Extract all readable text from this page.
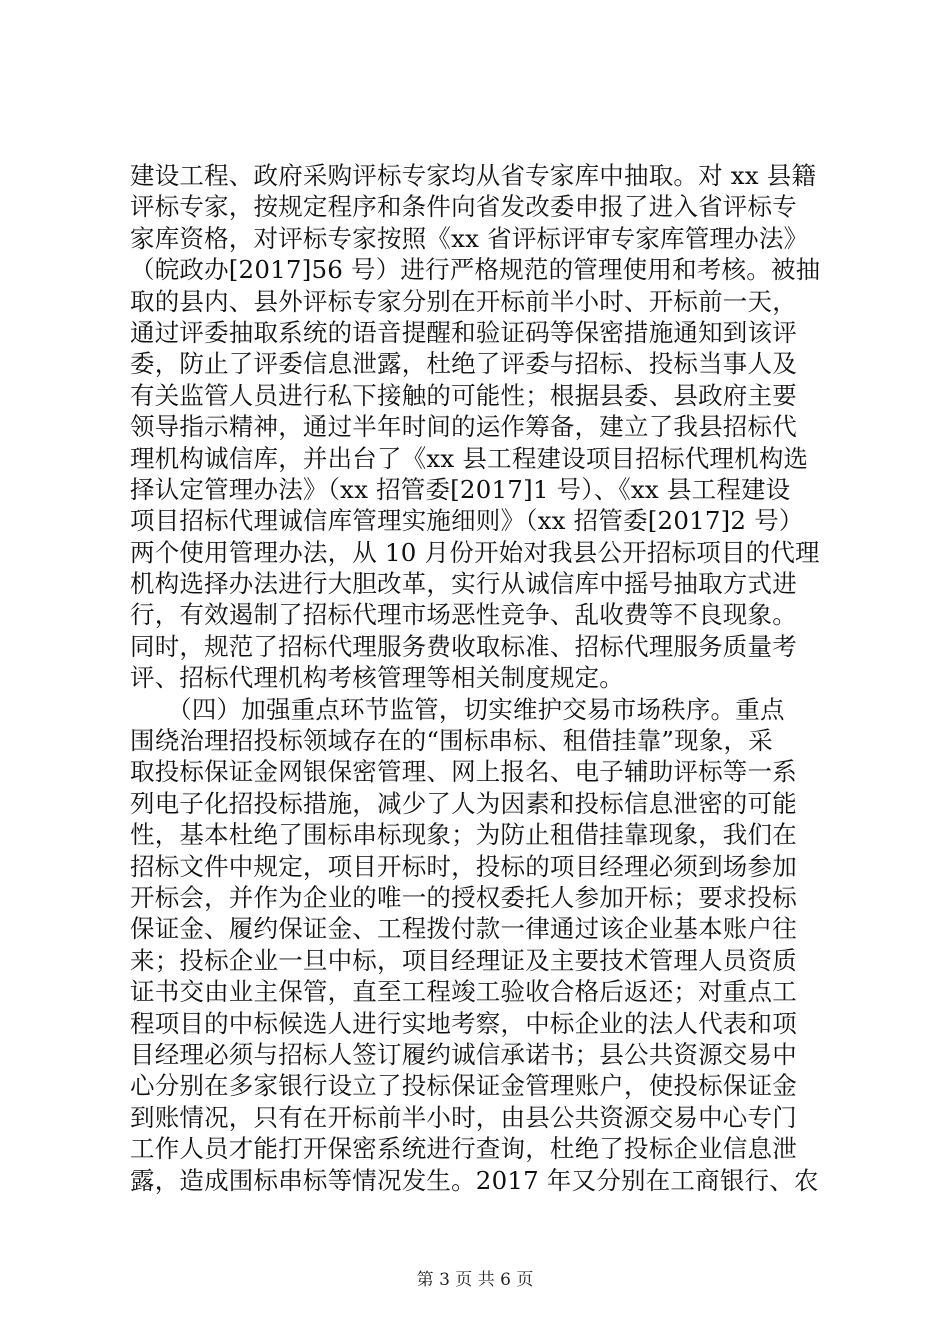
建设工程、政府采购评标专家均从省专家库中抽取。对 xx 县籍
评标专家，按规定程序和条件向省发改委申报了进入省评标专
家库资格，对评标专家按照《xx 省评标评审专家库管理办法》
（皖政办[2017]56 号）进行严格规范的管理使用和考核。被抽
取的县内、县外评标专家分别在开标前半小时、开标前一天，
通过评委抽取系统的语音提醒和验证码等保密措施通知到该评
委，防止了评委信息泄露，杜绝了评委与招标、投标当事人及
有关监管人员进行私下接触的可能性；根据县委、县政府主要
领导指示精神，通过半年时间的运作筹备，建立了我县招标代
理机构诚信库，并出台了《xx 县工程建设项目招标代理机构选
择认定管理办法》（xx 招管委[2017]1 号）、《xx 县工程建设
项目招标代理诚信库管理实施细则》（xx 招管委[2017]2 号）
两个使用管理办法，从 10 月份开始对我县公开招标项目的代理
机构选择办法进行大胆改革，实行从诚信库中摇号抽取方式进
行，有效遏制了招标代理市场恶性竞争、乱收费等不良现象。
同时，规范了招标代理服务费收取标准、招标代理服务质量考
评、招标代理机构考核管理等相关制度规定。
　　（四）加强重点环节监管，切实维护交易市场秩序。重点
围绕治理招投标领域存在的“围标串标、租借挂靠”现象，采
取投标保证金网银保密管理、网上报名、电子辅助评标等一系
列电子化招投标措施，减少了人为因素和投标信息泄密的可能
性，基本杜绝了围标串标现象；为防止租借挂靠现象，我们在
招标文件中规定，项目开标时，投标的项目经理必须到场参加
开标会，并作为企业的唯一的授权委托人参加开标；要求投标
保证金、履约保证金、工程拨付款一律通过该企业基本账户往
来；投标企业一旦中标，项目经理证及主要技术管理人员资质
证书交由业主保管，直至工程竣工验收合格后返还；对重点工
程项目的中标候选人进行实地考察，中标企业的法人代表和项
目经理必须与招标人签订履约诚信承诺书；县公共资源交易中
心分别在多家银行设立了投标保证金管理账户，使投标保证金
到账情况，只有在开标前半小时，由县公共资源交易中心专门
工作人员才能打开保密系统进行查询，杜绝了投标企业信息泄
露，造成围标串标等情况发生。2017 年又分别在工商银行、农
第 3 页 共 6 页
